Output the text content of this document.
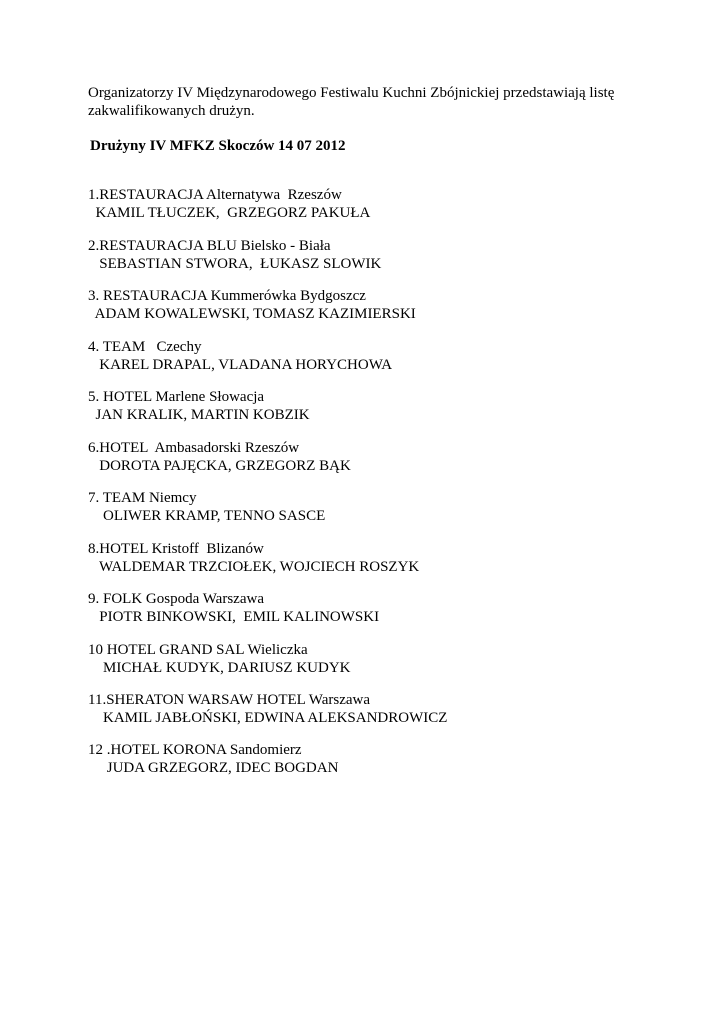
Organizatorzy IV Międzynarodowego Festiwalu Kuchni Zbójnickiej przedstawiają listę
zakwalifikowanych drużyn.

Drużyny IV MFKZ Skoczów 14 07 2012

1.RESTAURACJA Alternatywa  Rzeszów
KAMIL TŁUCZEK,  GRZEGORZ PAKUŁA
2.RESTAURACJA BLU Bielsko - Biała
SEBASTIAN STWORA,  ŁUKASZ SLOWIK
3. RESTAURACJA Kummerówka Bydgoszcz
ADAM KOWALEWSKI, TOMASZ KAZIMIERSKI
4. TEAM   Czechy
KAREL DRAPAL, VLADANA HORYCHOWA
5. HOTEL Marlene Słowacja
JAN KRALIK, MARTIN KOBZIK
6.HOTEL  Ambasadorski Rzeszów
DOROTA PAJĘCKA, GRZEGORZ BĄK
7. TEAM Niemcy
OLIWER KRAMP, TENNO SASCE
8.HOTEL Kristoff  Blizanów
WALDEMAR TRZCIOŁEK, WOJCIECH ROSZYK
9. FOLK Gospoda Warszawa
PIOTR BINKOWSKI,  EMIL KALINOWSKI
10 HOTEL GRAND SAL Wieliczka
MICHAŁ KUDYK, DARIUSZ KUDYK
11.SHERATON WARSAW HOTEL Warszawa
KAMIL JABŁOŃSKI, EDWINA ALEKSANDROWICZ
12 .HOTEL KORONA Sandomierz
JUDA GRZEGORZ, IDEC BOGDAN
